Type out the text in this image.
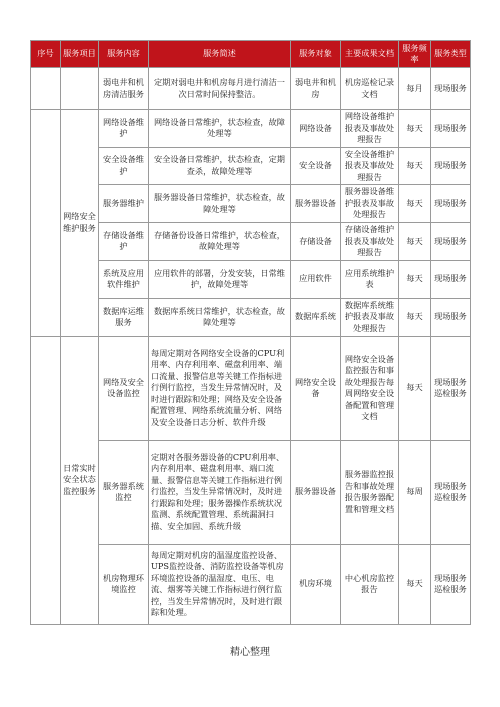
序号	服务项目	服务内容	服务简述	服务对象	主要成果文档	服务频率	服务类型
		弱电井和机房清洁服务	定期对弱电井和机房每月进行清洁一次日常时间保持整洁。	弱电井和机房	机房巡检记录文档	每月	现场服务
	网络安全维护服务	网络设备维护	网络设备日常维护，状态检查，故障处理等	网络设备	网络设备维护报表及事故处理报告	每天	现场服务
		安全设备维护	安全设备日常维护，状态检查，定期查杀，故障处理等	安全设备	安全设备维护报表及事故处理报告	每天	现场服务
		服务器维护	服务器设备日常维护，状态检查，故障处理等	服务器设备	服务器设备维护报表及事故处理报告	每天	现场服务
		存储设备维护	存储备份设备日常维护，状态检查，故障处理等	存储设备	存储设备维护报表及事故处理报告	每天	现场服务
		系统及应用软件维护	应用软件的部署，分发安装，日常维护，故障处理等	应用软件	应用系统维护表	每天	现场服务
		数据库运维服务	数据库系统日常维护，状态检查，故障处理等	数据库系统	数据库系统维护报表及事故处理报告	每天	现场服务
	日常实时安全状态监控服务	网络及安全设备监控	每周定期对各网络安全设备的CPU利用率、内存利用率、磁盘利用率、端口流量、报警信息等关键工作指标进行例行监控，当发生异常情况时，及时进行跟踪和处理；网络及安全设备配置管理、网络系统流量分析、网络及安全设备日志分析、软件升级	网络安全设备	网络安全设备监控报告和事故处理报告每周网络安全设备配置和管理文档	每天	现场服务巡检服务
		服务器系统监控	定期对各服务器设备的CPU利用率、内存利用率、磁盘利用率、端口流量、报警信息等关键工作指标进行例行监控，当发生异常情况时，及时进行跟踪和处理；服务器操作系统状况监测、系统配置管理、系统漏洞扫描、安全加固、系统升级	服务器设备	服务器监控报告和事故处理报告服务器配置和管理文档	每周	现场服务巡检服务
		机房物理环境监控	每周定期对机房的温湿度监控设备、UPS监控设备、消防监控设备等机房环境监控设备的温湿度、电压、电流、烟雾等关键工作指标进行例行监控，当发生异常情况时，及时进行跟踪和处理。	机房环境	中心机房监控报告	每天	现场服务巡检服务
精心整理
